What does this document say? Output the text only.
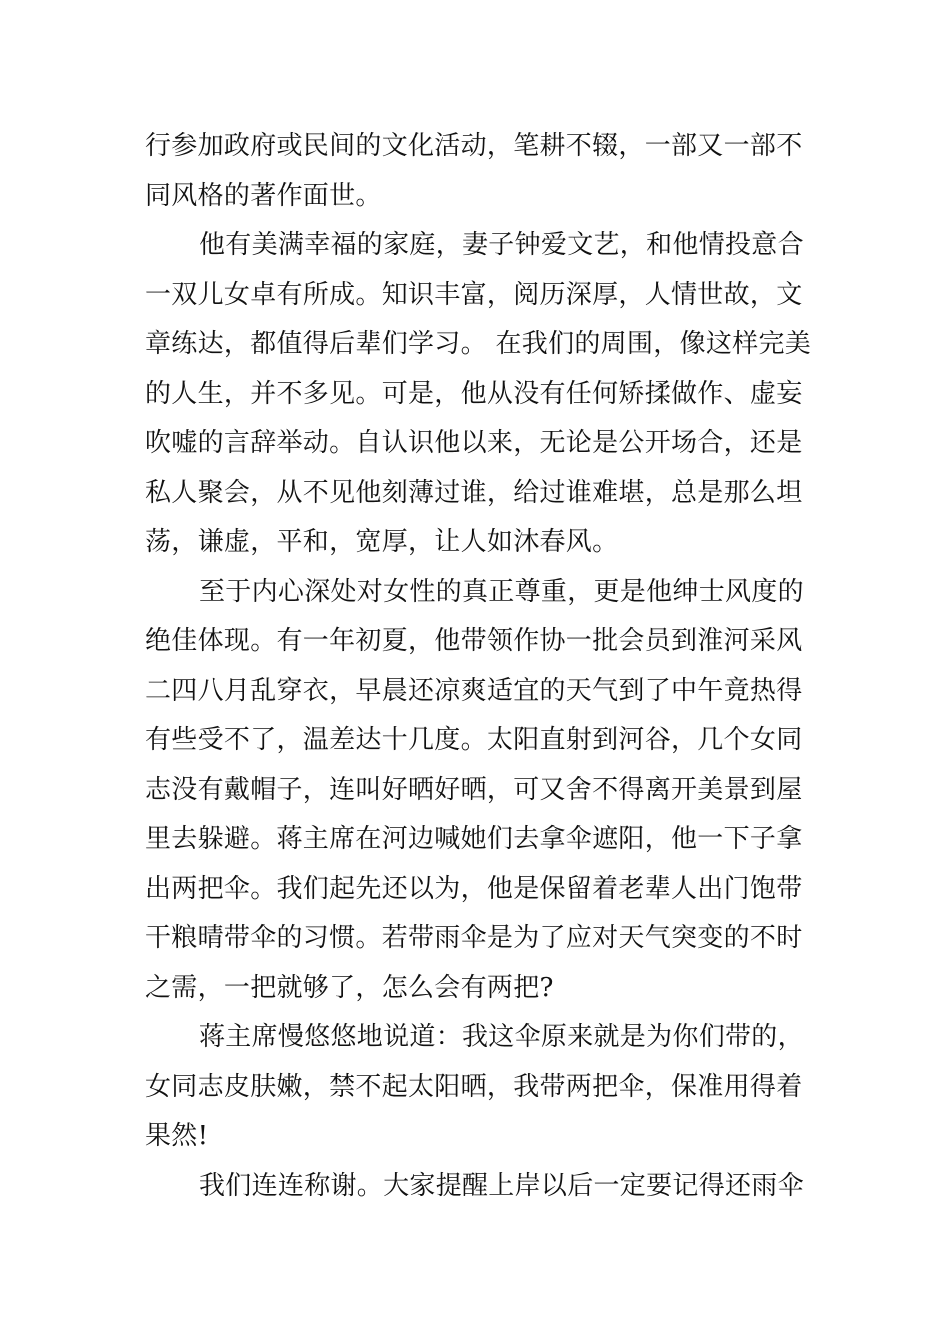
行参加政府或民间的文化活动，笔耕不辍，一部又一部不
同风格的著作面世。
他有美满幸福的家庭，妻子钟爱文艺，和他情投意合
一双儿女卓有所成。知识丰富，阅历深厚，人情世故，文
章练达，都值得后辈们学习。 在我们的周围，像这样完美
的人生，并不多见。可是，他从没有任何矫揉做作、虚妄
吹嘘的言辞举动。自认识他以来，无论是公开场合，还是
私人聚会，从不见他刻薄过谁，给过谁难堪，总是那么坦
荡，谦虚，平和，宽厚，让人如沐春风。
至于内心深处对女性的真正尊重，更是他绅士风度的
绝佳体现。有一年初夏，他带领作协一批会员到淮河采风
二四八月乱穿衣，早晨还凉爽适宜的天气到了中午竟热得
有些受不了，温差达十几度。太阳直射到河谷，几个女同
志没有戴帽子，连叫好晒好晒，可又舍不得离开美景到屋
里去躲避。蒋主席在河边喊她们去拿伞遮阳，他一下子拿
出两把伞。我们起先还以为，他是保留着老辈人出门饱带
干粮晴带伞的习惯。若带雨伞是为了应对天气突变的不时
之需，一把就够了，怎么会有两把?
蒋主席慢悠悠地说道：我这伞原来就是为你们带的，
女同志皮肤嫩，禁不起太阳晒，我带两把伞，保准用得着
果然!
我们连连称谢。大家提醒上岸以后一定要记得还雨伞
